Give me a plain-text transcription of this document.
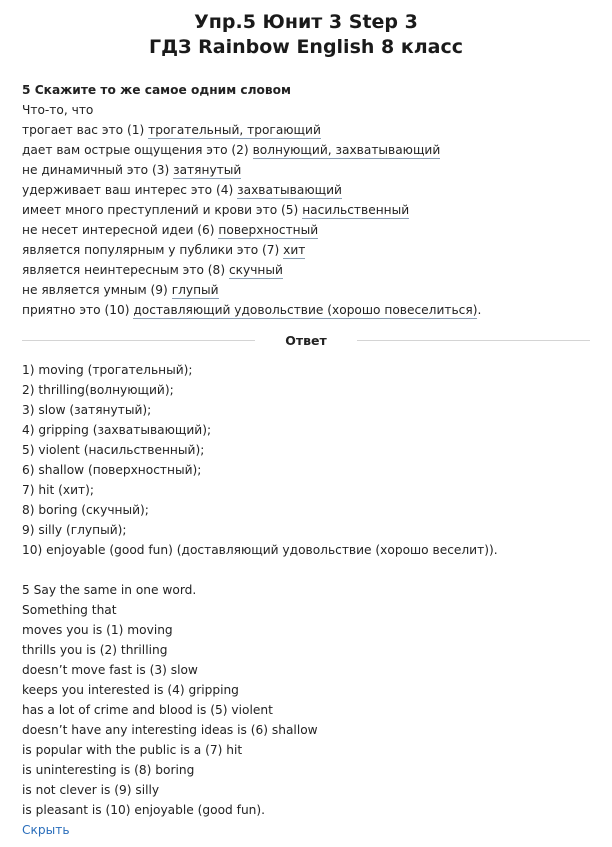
Упр.5 Юнит 3 Step 3
ГДЗ Rainbow English 8 класс
5 Скажите то же самое одним словом
Что-то, что
трогает вас это (1) трогательный, трогающий
дает вам острые ощущения это (2) волнующий, захватывающий
не динамичный это (3) затянутый
удерживает ваш интерес это (4) захватывающий
имеет много преступлений и крови это (5) насильственный
не несет интересной идеи (6) поверхностный
является популярным у публики это (7) хит
является неинтересным это (8) скучный
не является умным (9) глупый
приятно это (10) доставляющий удовольствие (хорошо повеселиться).
Ответ
1) moving (трогательный);
2) thrilling(волнующий);
3) slow (затянутый);
4) gripping (захватывающий);
5) violent (насильственный);
6) shallow (поверхностный);
7) hit (хит);
8) boring (скучный);
9) silly (глупый);
10) enjoyable (good fun) (доставляющий удовольствие (хорошо веселит)).
5 Say the same in one word.
Something that
moves you is (1) moving
thrills you is (2) thrilling
doesn’t move fast is (3) slow
keeps you interested is (4) gripping
has a lot of crime and blood is (5) violent
doesn’t have any interesting ideas is (6) shallow
is popular with the public is a (7) hit
is uninteresting is (8) boring
is not clever is (9) silly
is pleasant is (10) enjoyable (good fun).
Скрыть
